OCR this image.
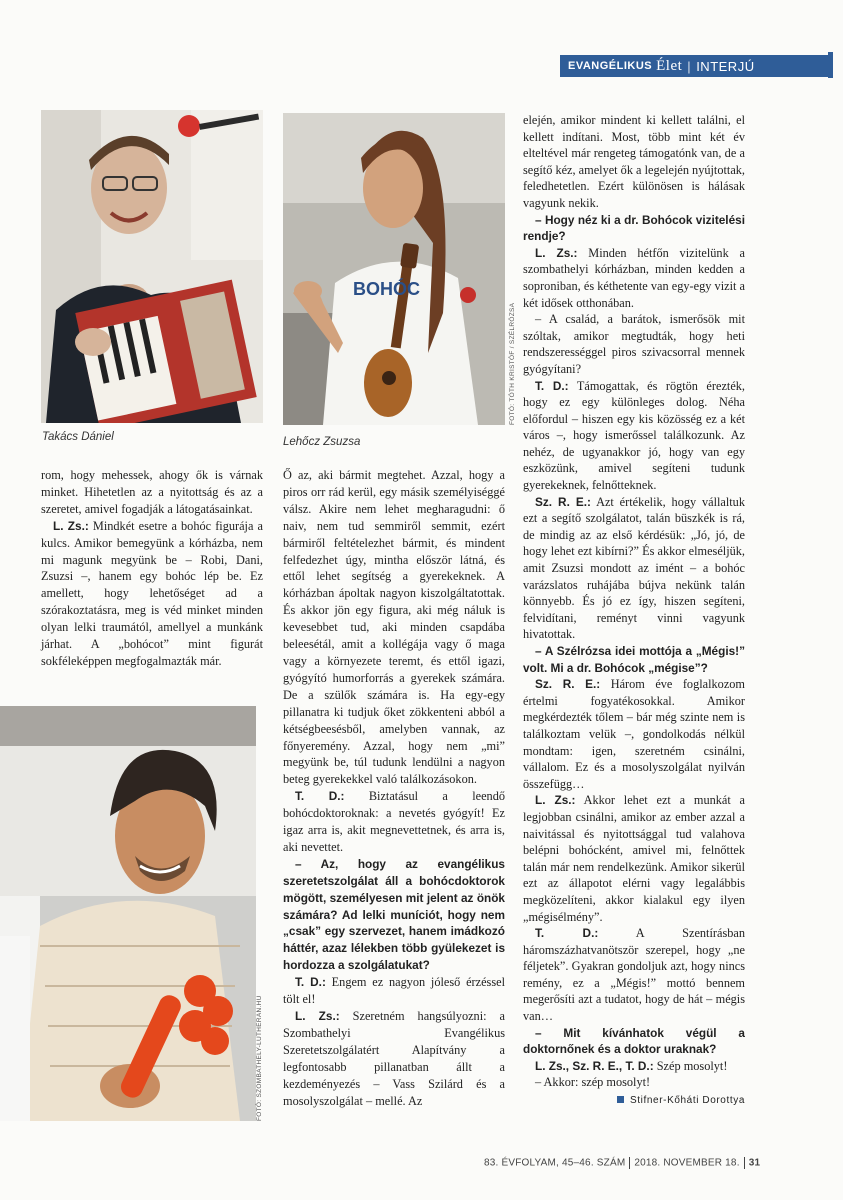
EVANGÉLIKUS Élet | INTERJÚ
Takács Dániel
BOHÓC
Lehőcz Zsuzsa
FOTÓ: TÓTH KRISTÓF / SZÉLRÓZSA
FOTÓ: SZOMBATHELY-LUTHERAN.HU

rom, hogy mehessek, ahogy ők is várnak minket. Hihetetlen az a nyitottság és az a szeretet, amivel fogadják a látogatásainkat.

L. Zs.: Mindkét esetre a bohóc figurája a kulcs. Amikor bemegyünk a kórházba, nem mi magunk megyünk be – Robi, Dani, Zsuzsi –, hanem egy bohóc lép be. Ez amellett, hogy lehetőséget ad a szórakoztatásra, meg is véd minket minden olyan lelki traumától, amellyel a munkánk járhat. A „bohócot” mint figurát sokféleképpen megfogalmazták már.

Ő az, aki bármit megtehet. Azzal, hogy a piros orr rád kerül, egy másik személyiséggé válsz. Akire nem lehet megharagudni: ő naiv, nem tud semmiről semmit, ezért bármiről feltételezhet bármit, és mindent felfedezhet úgy, mintha először látná, és ettől lehet segítség a gyerekeknek. A kórházban ápoltak nagyon kiszolgáltatottak. És akkor jön egy figura, aki még náluk is kevesebbet tud, aki minden csapdába beleesétál, amit a kollégája vagy ő maga vagy a környezete teremt, és ettől igazi, gyógyító humorforrás a gyerekek számára. De a szülők számára is. Ha egy-egy pillanatra ki tudjuk őket zökkenteni abból a kétségbeesésből, amelyben vannak, az főnyeremény. Azzal, hogy nem „mi” megyünk be, túl tudunk lendülni a nagyon beteg gyerekekkel való találkozásokon.

T. D.: Biztatásul a leendő bohócdoktoroknak: a nevetés gyógyít! Ez igaz arra is, akit megnevettetnek, és arra is, aki nevettet.

– Az, hogy az evangélikus szeretetszolgálat áll a bohócdoktorok mögött, személyesen mit jelent az önök számára? Ad lelki muníciót, hogy nem „csak” egy szervezet, hanem imádkozó háttér, azaz lélekben több gyülekezet is hordozza a szolgálatukat?

T. D.: Engem ez nagyon jóleső érzéssel tölt el!

L. Zs.: Szeretném hangsúlyozni: a Szombathelyi Evangélikus Szeretetszolgálatért Alapítvány a legfontosabb pillanatban állt a kezdeményezés – Vass Szilárd és a mosolyszolgálat – mellé. Az

elején, amikor mindent ki kellett találni, el kellett indítani. Most, több mint két év elteltével már rengeteg támogatónk van, de a segítő kéz, amelyet ők a legelején nyújtottak, feledhetetlen. Ezért különösen is hálásak vagyunk nekik.

– Hogy néz ki a dr. Bohócok vizitelési rendje?

L. Zs.: Minden hétfőn vizitelünk a szombathelyi kórházban, minden kedden a soproniban, és kéthetente van egy-egy vizit a két idősek otthonában.

– A család, a barátok, ismerősök mit szóltak, amikor megtudták, hogy heti rendszerességgel piros szivacsorral mennek gyógyítani?

T. D.: Támogattak, és rögtön érezték, hogy ez egy különleges dolog. Néha előfordul – hiszen egy kis közösség ez a két város –, hogy ismerőssel találkozunk. Az nehéz, de ugyanakkor jó, hogy van egy eszközünk, amivel segíteni tudunk gyerekeknek, felnőtteknek.

Sz. R. E.: Azt értékelik, hogy vállaltuk ezt a segítő szolgálatot, talán büszkék is rá, de mindig az az első kérdésük: „Jó, jó, de hogy lehet ezt kibírni?” És akkor elmeséljük, amit Zsuzsi mondott az imént – a bohóc varázslatos ruhájába bújva nekünk talán könnyebb. És jó ez így, hiszen segíteni, felvidítani, reményt vinni vagyunk hivatottak.

– A Szélrózsa idei mottója a „Mégis!” volt. Mi a dr. Bohócok „mégise”?

Sz. R. E.: Három éve foglalkozom értelmi fogyatékosokkal. Amikor megkérdezték tőlem – bár még szinte nem is találkoztam velük –, gondolkodás nélkül mondtam: igen, szeretném csinálni, vállalom. Ez és a mosolyszolgálat nyilván összefügg…

L. Zs.: Akkor lehet ezt a munkát a legjobban csinálni, amikor az ember azzal a naivitással és nyitottsággal tud valahova belépni bohócként, amivel mi, felnőttek talán már nem rendelkezünk. Amikor sikerül ezt az állapotot elérni vagy legalábbis megközelíteni, akkor kialakul egy ilyen „mégisélmény”.

T. D.: A Szentírásban háromszázhatvanötször szerepel, hogy „ne féljetek”. Gyakran gondoljuk azt, hogy nincs remény, ez a „Mégis!” mottó bennem megerősíti azt a tudatot, hogy de hát – mégis van…

– Mit kívánhatok végül a doktornőnek és a doktor uraknak?

L. Zs., Sz. R. E., T. D.: Szép mosolyt!

– Akkor: szép mosolyt!

Stifner-Kőháti Dorottya
83. ÉVFOLYAM, 45–46. SZÁM 2018. NOVEMBER 18. 31
